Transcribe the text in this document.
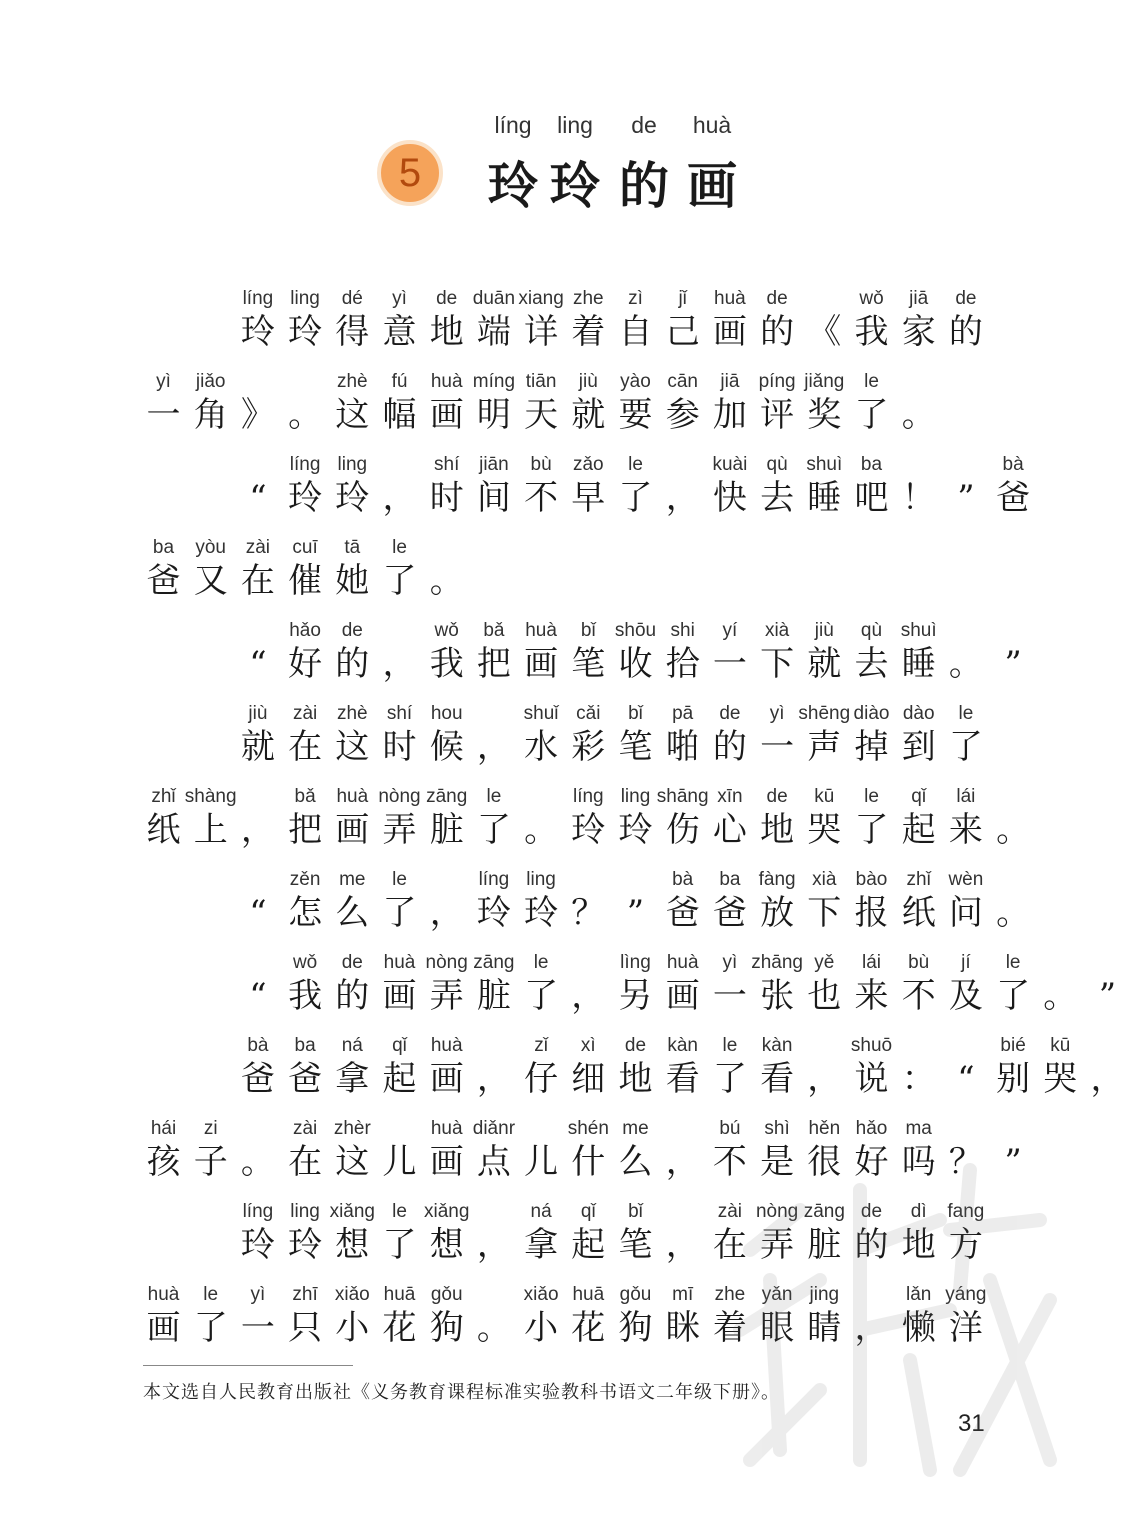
5
líng
玲
ling
玲
de
的
huà
画
líng
玲
ling
玲
dé
得
yì
意
de
地
duān
端
xiang
详
zhe
着
zì
自
jǐ
己
huà
画
de
的 《
wǒ
我
jiā
家
de
的
yì
一
jiǎo
角 》 。
zhè
这
fú
幅
huà
画
míng
明
tiān
天
jiù
就
yào
要
cān
参
jiā
加
píng
评
jiǎng
奖
le
了 。
“
líng
玲
ling
玲 ，
shí
时
jiān
间
bù
不
zǎo
早
le
了 ，
kuài
快
qù
去
shuì
睡
ba
吧 ！ ”
bà
爸
ba
爸
yòu
又
zài
在
cuī
催
tā
她
le
了 。
“
hǎo
好
de
的 ，
wǒ
我
bǎ
把
huà
画
bǐ
笔
shōu
收
shi
拾
yí
一
xià
下
jiù
就
qù
去
shuì
睡 。 ”
jiù
就
zài
在
zhè
这
shí
时
hou
候 ，
shuǐ
水
cǎi
彩
bǐ
笔
pā
啪
de
的
yì
一
shēng
声
diào
掉
dào
到
le
了
zhǐ
纸
shàng
上 ，
bǎ
把
huà
画
nòng
弄
zāng
脏
le
了 。
líng
玲
ling
玲
shāng
伤
xīn
心
de
地
kū
哭
le
了
qǐ
起
lái
来 。
“
zěn
怎
me
么
le
了 ，
líng
玲
ling
玲 ？ ”
bà
爸
ba
爸
fàng
放
xià
下
bào
报
zhǐ
纸
wèn
问 。
“
wǒ
我
de
的
huà
画
nòng
弄
zāng
脏
le
了 ，
lìng
另
huà
画
yì
一
zhāng
张
yě
也
lái
来
bù
不
jí
及
le
了 。 ”
bà
爸
ba
爸
ná
拿
qǐ
起
huà
画 ，
zǐ
仔
xì
细
de
地
kàn
看
le
了
kàn
看 ，
shuō
说 ： “
bié
别
kū
哭 ，
hái
孩
zi
子 。
zài
在
zhèr
这 儿
huà
画
diǎnr
点 儿
shén
什
me
么 ，
bú
不
shì
是
hěn
很
hǎo
好
ma
吗 ？ ”
líng
玲
ling
玲
xiǎng
想
le
了
xiǎng
想 ，
ná
拿
qǐ
起
bǐ
笔 ，
zài
在
nòng
弄
zāng
脏
de
的
dì
地
fang
方
huà
画
le
了
yì
一
zhī
只
xiǎo
小
huā
花
gǒu
狗 。
xiǎo
小
huā
花
gǒu
狗
mī
眯
zhe
着
yǎn
眼
jing
睛 ，
lǎn
懒
yáng
洋
本文选自人民教育出版社《义务教育课程标准实验教科书语文二年级下册》。
31
